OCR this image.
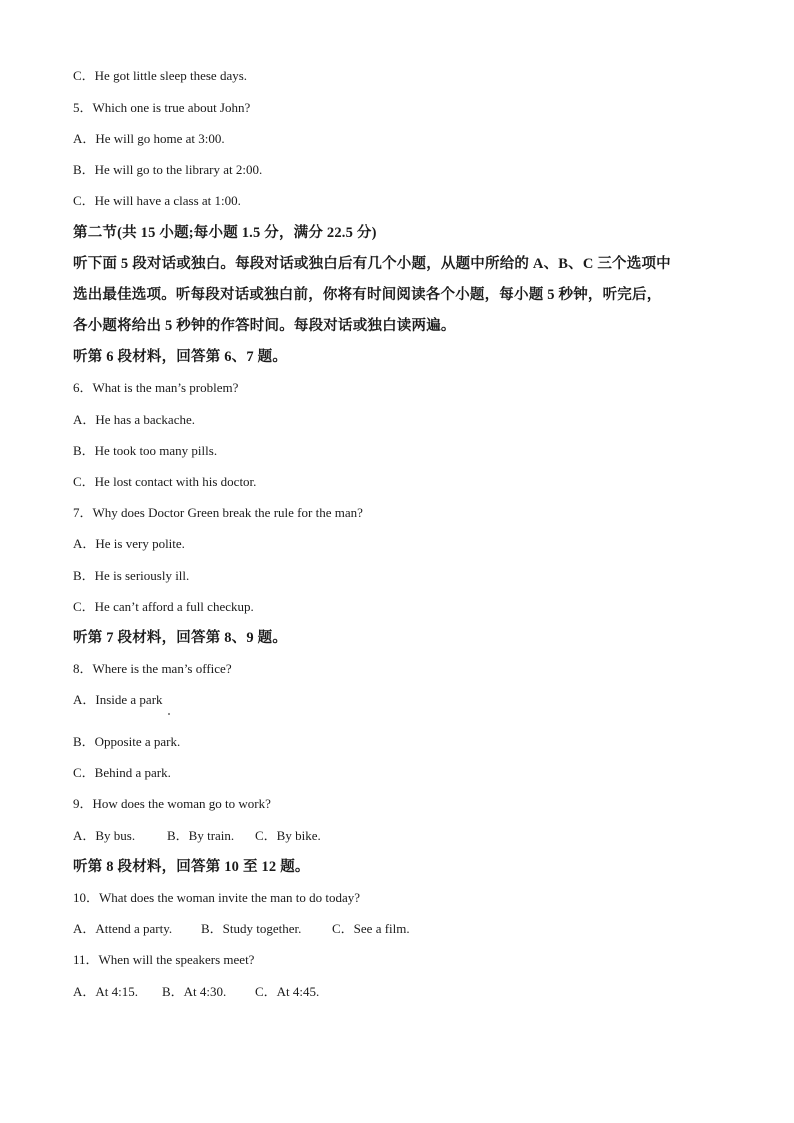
C．He got little sleep these days.
5．Which one is true about John?
A．He will go home at 3:00.
B．He will go to the library at 2:00.
C．He will have a class at 1:00.
第二节(共 15 小题;每小题 1.5 分，满分 22.5 分)
听下面 5 段对话或独白。每段对话或独白后有几个小题，从题中所给的 A、B、C 三个选项中
选出最佳选项。听每段对话或独白前，你将有时间阅读各个小题，每小题 5 秒钟，听完后，
各小题将给出 5 秒钟的作答时间。每段对话或独白读两遍。
听第 6 段材料，回答第 6、7 题。
6．What is the man’s problem?
A．He has a backache.
B．He took too many pills.
C．He lost contact with his doctor.
7．Why does Doctor Green break the rule for the man?
A．He is very polite.
B．He is seriously ill.
C．He can’t afford a full checkup.
听第 7 段材料，回答第 8、9 题。
8．Where is the man’s office?
A．Inside a park
B．Opposite a park.
C．Behind a park.
9．How does the woman go to work?
A．By bus. B．By train. C．By bike.
听第 8 段材料，回答第 10 至 12 题。
10．What does the woman invite the man to do today?
A．Attend a party. B．Study together. C．See a film.
11．When will the speakers meet?
A．At 4:15. B．At 4:30. C．At 4:45.
